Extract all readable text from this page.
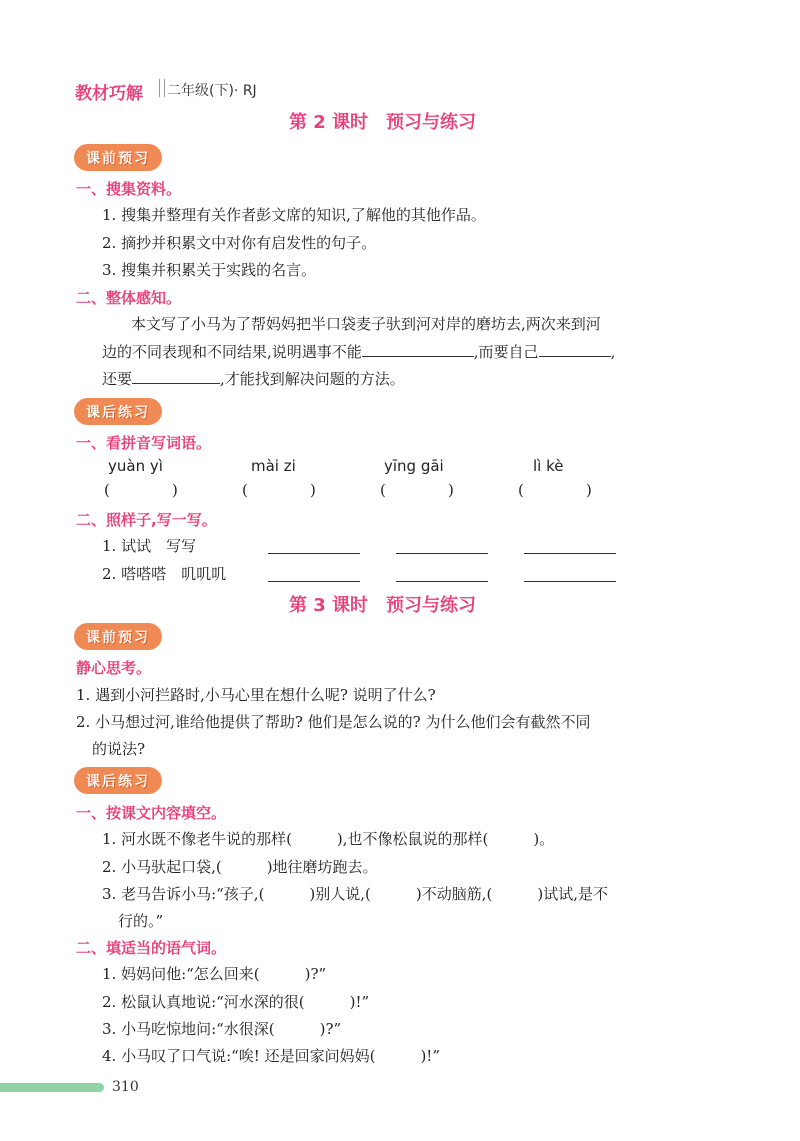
教材巧解 二年级(下)· RJ
第 2 课时　预习与练习
课前预习
一、搜集资料。
1. 搜集并整理有关作者彭文席的知识,了解他的其他作品。
2. 摘抄并积累文中对你有启发性的句子。
3. 搜集并积累关于实践的名言。
二、整体感知。
本文写了小马为了帮妈妈把半口袋麦子驮到河对岸的磨坊去,两次来到河
边的不同表现和不同结果,说明遇事不能	,而要自己	,
还要	,才能找到解决问题的方法。
课后练习
一、看拼音写词语。
yuàn yì	mài zi	yīng gāi	lì kè
(	)	(	)	(	)	(	)
二、照样子,写一写。
1. 试试　写写
2. 嗒嗒嗒　叽叽叽
第 3 课时　预习与练习
课前预习
静心思考。
1. 遇到小河拦路时,小马心里在想什么呢? 说明了什么?
2. 小马想过河,谁给他提供了帮助? 他们是怎么说的? 为什么他们会有截然不同
的说法?
课后练习
一、按课文内容填空。
1. 河水既不像老牛说的那样(　　　),也不像松鼠说的那样(　　　)。
2. 小马驮起口袋,(　　　)地往磨坊跑去。
3. 老马告诉小马:“孩子,(　　　)别人说,(　　　)不动脑筋,(　　　)试试,是不
行的。”
二、填适当的语气词。
1. 妈妈问他:“怎么回来(　　　)?”
2. 松鼠认真地说:“河水深的很(　　　)!”
3. 小马吃惊地问:“水很深(　　　)?”
4. 小马叹了口气说:“唉! 还是回家问妈妈(　　　)!”
310
